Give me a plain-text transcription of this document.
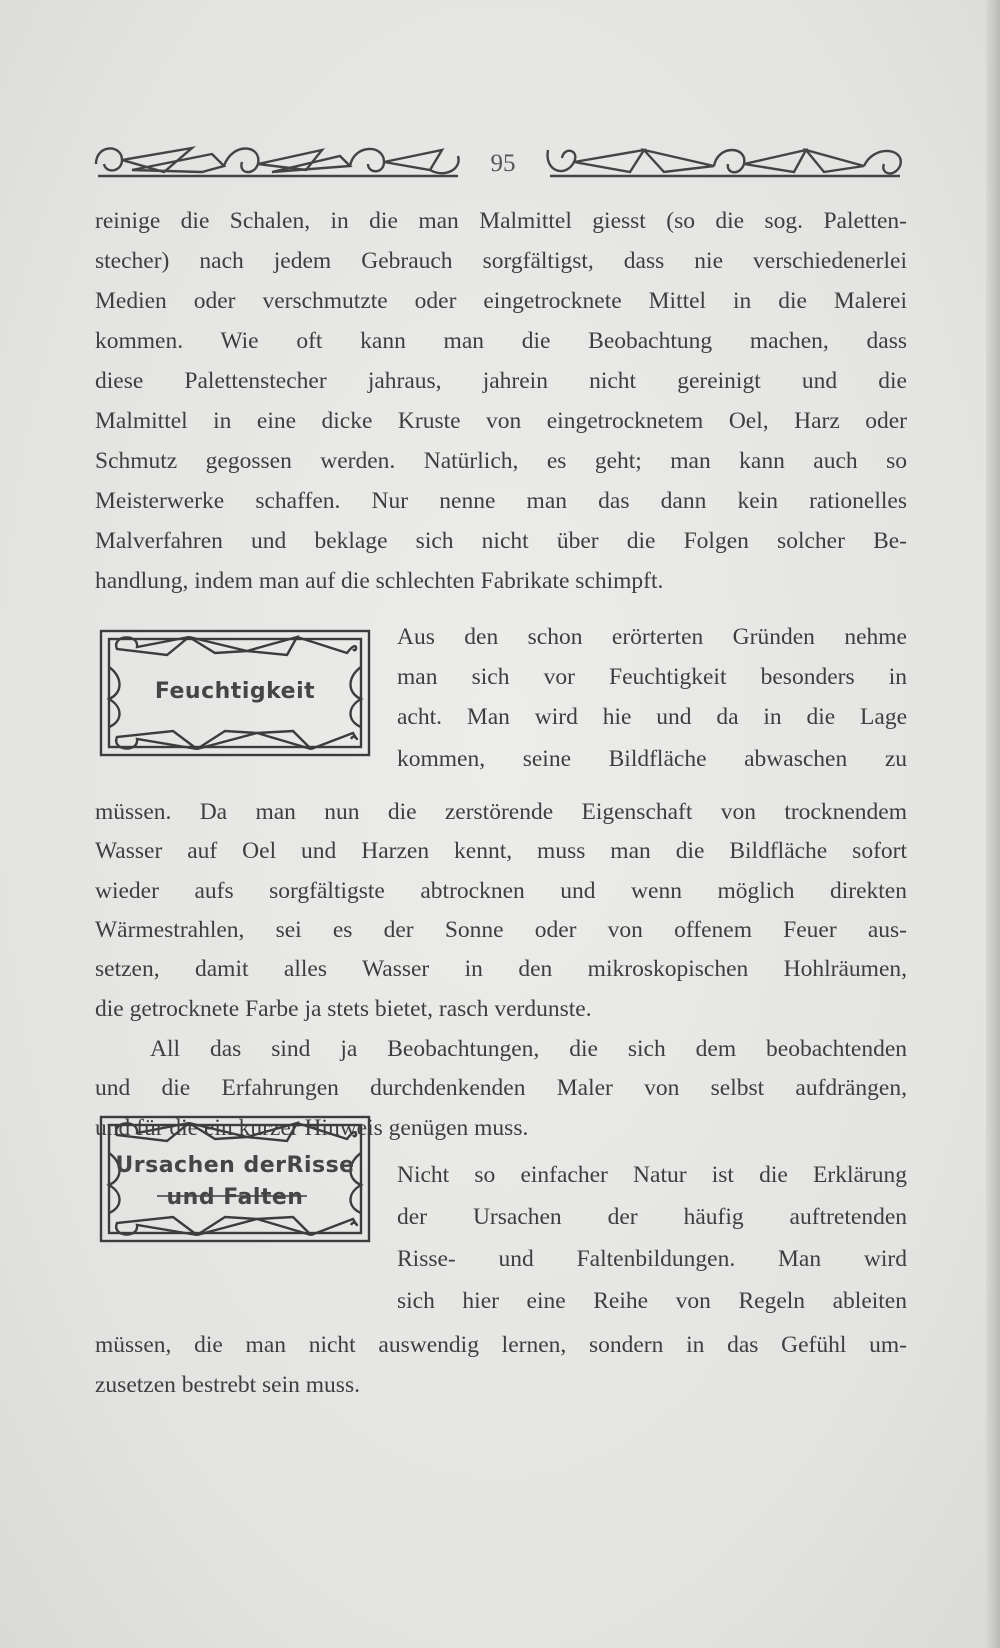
95
Feuchtigkeit
Ursachen derRisse
und Falten
reinige die Schalen, in die man Malmittel giesst (so die sog. Paletten-
stecher) nach jedem Gebrauch sorgfältigst, dass nie verschiedenerlei
Medien oder verschmutzte oder eingetrocknete Mittel in die Malerei
kommen. Wie oft kann man die Beobachtung machen, dass
diese Palettenstecher jahraus, jahrein nicht gereinigt und die
Malmittel in eine dicke Kruste von eingetrocknetem Oel, Harz oder
Schmutz gegossen werden. Natürlich, es geht; man kann auch so
Meisterwerke schaffen. Nur nenne man das dann kein rationelles
Malverfahren und beklage sich nicht über die Folgen solcher Be-
handlung, indem man auf die schlechten Fabrikate schimpft.
Aus den schon erörterten Gründen nehme
man sich vor Feuchtigkeit besonders in
acht. Man wird hie und da in die Lage
kommen, seine Bildfläche abwaschen zu
müssen. Da man nun die zerstörende Eigenschaft von trocknendem
Wasser auf Oel und Harzen kennt, muss man die Bildfläche sofort
wieder aufs sorgfältigste abtrocknen und wenn möglich direkten
Wärmestrahlen, sei es der Sonne oder von offenem Feuer aus-
setzen, damit alles Wasser in den mikroskopischen Hohlräumen,
die getrocknete Farbe ja stets bietet, rasch verdunste.
All das sind ja Beobachtungen, die sich dem beobachtenden
und die Erfahrungen durchdenkenden Maler von selbst aufdrängen,
und für die ein kurzer Hinweis genügen muss.
Nicht so einfacher Natur ist die Erklärung
der Ursachen der häufig auftretenden
Risse- und Faltenbildungen. Man wird
sich hier eine Reihe von Regeln ableiten
müssen, die man nicht auswendig lernen, sondern in das Gefühl um-
zusetzen bestrebt sein muss.
